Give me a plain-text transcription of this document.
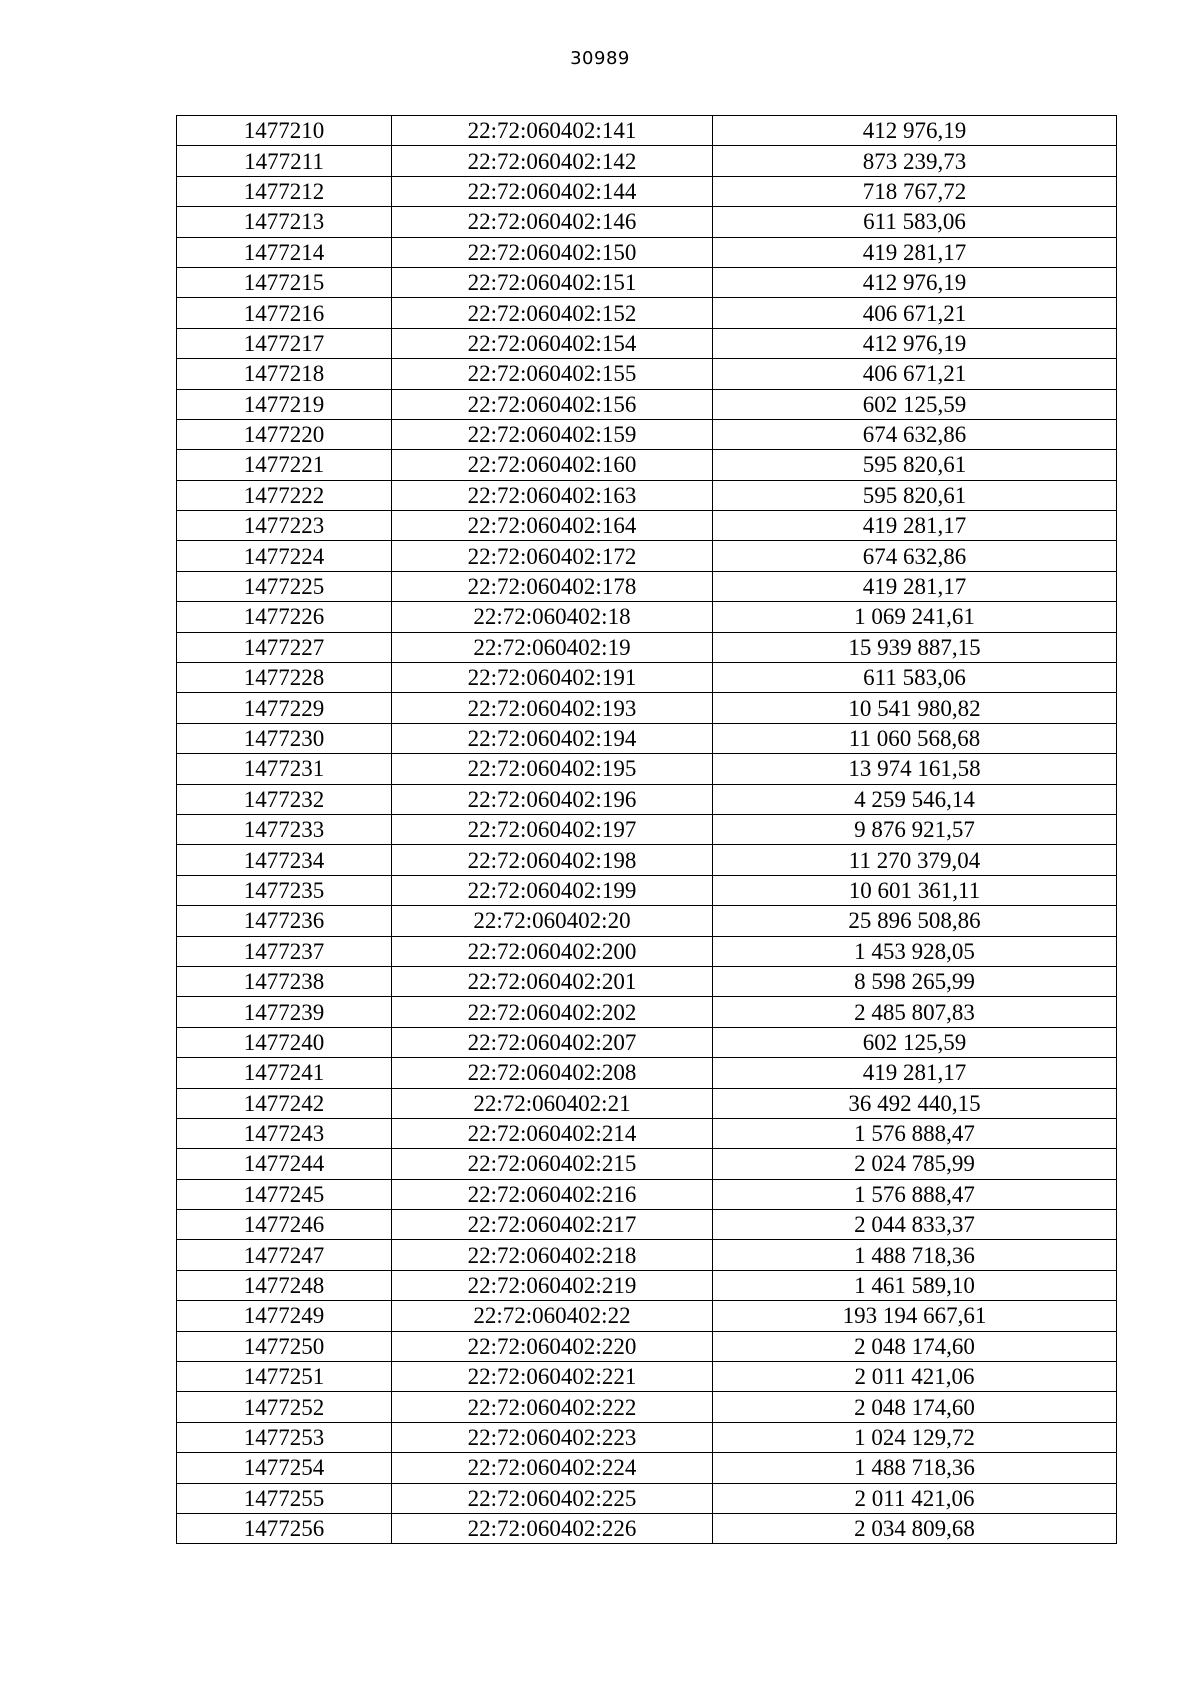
30989
1477210	22:72:060402:141	412 976,19
1477211	22:72:060402:142	873 239,73
1477212	22:72:060402:144	718 767,72
1477213	22:72:060402:146	611 583,06
1477214	22:72:060402:150	419 281,17
1477215	22:72:060402:151	412 976,19
1477216	22:72:060402:152	406 671,21
1477217	22:72:060402:154	412 976,19
1477218	22:72:060402:155	406 671,21
1477219	22:72:060402:156	602 125,59
1477220	22:72:060402:159	674 632,86
1477221	22:72:060402:160	595 820,61
1477222	22:72:060402:163	595 820,61
1477223	22:72:060402:164	419 281,17
1477224	22:72:060402:172	674 632,86
1477225	22:72:060402:178	419 281,17
1477226	22:72:060402:18	1 069 241,61
1477227	22:72:060402:19	15 939 887,15
1477228	22:72:060402:191	611 583,06
1477229	22:72:060402:193	10 541 980,82
1477230	22:72:060402:194	11 060 568,68
1477231	22:72:060402:195	13 974 161,58
1477232	22:72:060402:196	4 259 546,14
1477233	22:72:060402:197	9 876 921,57
1477234	22:72:060402:198	11 270 379,04
1477235	22:72:060402:199	10 601 361,11
1477236	22:72:060402:20	25 896 508,86
1477237	22:72:060402:200	1 453 928,05
1477238	22:72:060402:201	8 598 265,99
1477239	22:72:060402:202	2 485 807,83
1477240	22:72:060402:207	602 125,59
1477241	22:72:060402:208	419 281,17
1477242	22:72:060402:21	36 492 440,15
1477243	22:72:060402:214	1 576 888,47
1477244	22:72:060402:215	2 024 785,99
1477245	22:72:060402:216	1 576 888,47
1477246	22:72:060402:217	2 044 833,37
1477247	22:72:060402:218	1 488 718,36
1477248	22:72:060402:219	1 461 589,10
1477249	22:72:060402:22	193 194 667,61
1477250	22:72:060402:220	2 048 174,60
1477251	22:72:060402:221	2 011 421,06
1477252	22:72:060402:222	2 048 174,60
1477253	22:72:060402:223	1 024 129,72
1477254	22:72:060402:224	1 488 718,36
1477255	22:72:060402:225	2 011 421,06
1477256	22:72:060402:226	2 034 809,68
